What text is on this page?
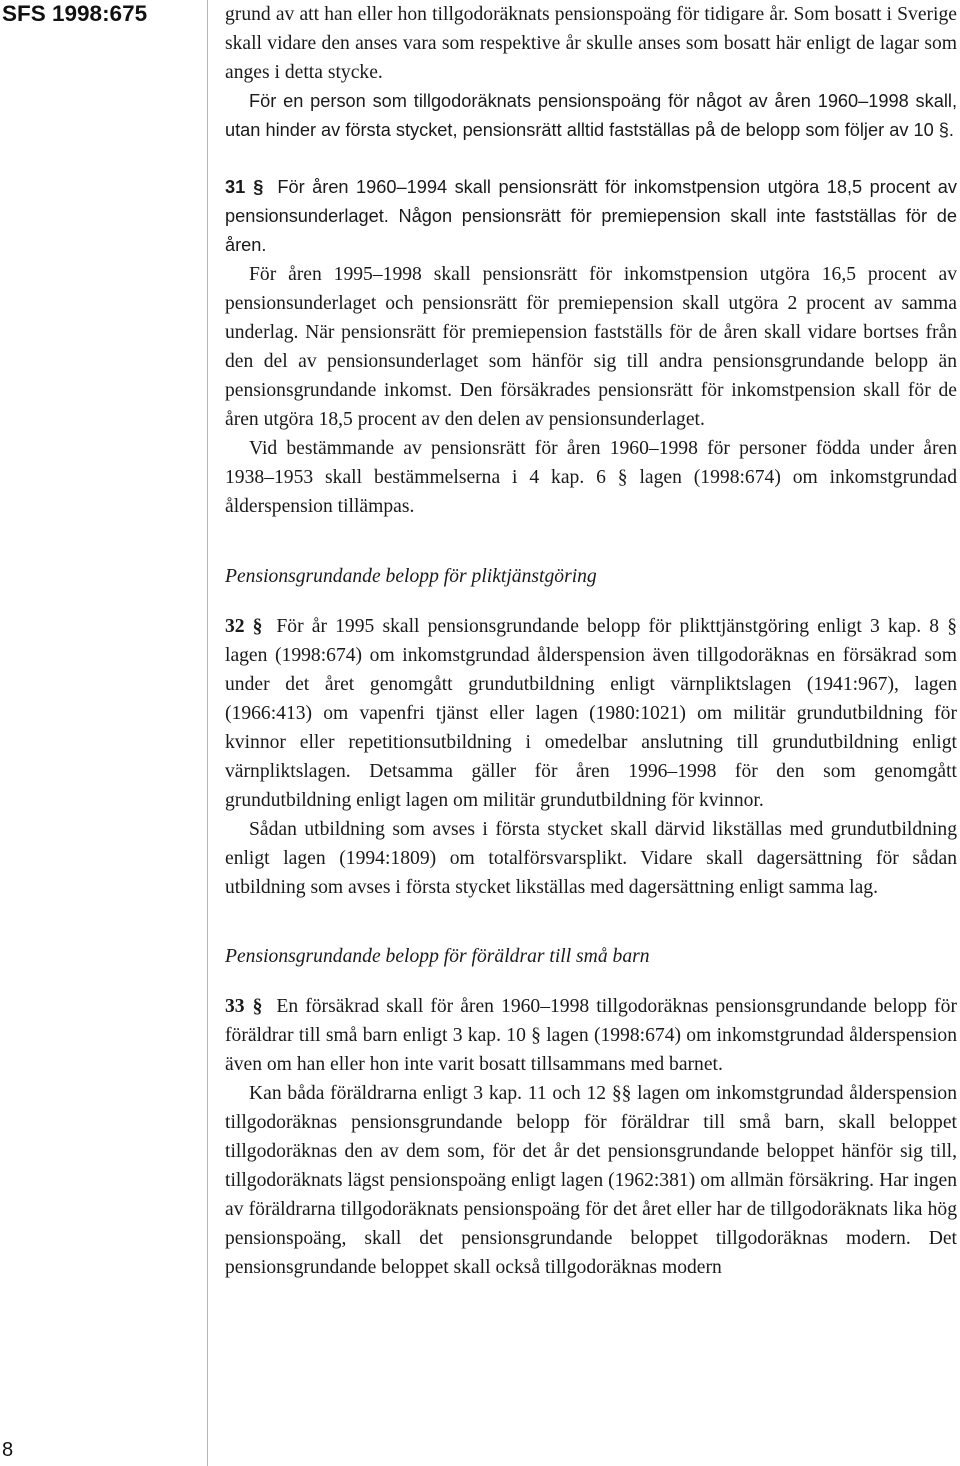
SFS 1998:675
8

grund av att han eller hon tillgodoräknats pensionspoäng för tidigare år. Som bosatt i Sverige skall vidare den anses vara som respektive år skulle anses som bosatt här enligt de lagar som anges i detta stycke.

För en person som tillgodoräknats pensionspoäng för något av åren 1960–1998 skall, utan hinder av första stycket, pensionsrätt alltid fastställas på de belopp som följer av 10 §.

31 § För åren 1960–1994 skall pensionsrätt för inkomstpension utgöra 18,5 procent av pensionsunderlaget. Någon pensionsrätt för premiepension skall inte fastställas för de åren.

För åren 1995–1998 skall pensionsrätt för inkomstpension utgöra 16,5 procent av pensionsunderlaget och pensionsrätt för premiepension skall utgöra 2 procent av samma underlag. När pensionsrätt för premiepension fastställs för de åren skall vidare bortses från den del av pensionsunderlaget som hänför sig till andra pensionsgrundande belopp än pensionsgrundande inkomst. Den försäkrades pensionsrätt för inkomstpension skall för de åren utgöra 18,5 procent av den delen av pensionsunderlaget.

Vid bestämmande av pensionsrätt för åren 1960–1998 för personer födda under åren 1938–1953 skall bestämmelserna i 4 kap. 6 § lagen (1998:674) om inkomstgrundad ålderspension tillämpas.

Pensionsgrundande belopp för pliktjänstgöring

32 § För år 1995 skall pensionsgrundande belopp för plikttjänstgöring enligt 3 kap. 8 § lagen (1998:674) om inkomstgrundad ålderspension även tillgodoräknas en försäkrad som under det året genomgått grundutbildning enligt värnpliktslagen (1941:967), lagen (1966:413) om vapenfri tjänst eller lagen (1980:1021) om militär grundutbildning för kvinnor eller repetitionsutbildning i omedelbar anslutning till grundutbildning enligt värnpliktslagen. Detsamma gäller för åren 1996–1998 för den som genomgått grundutbildning enligt lagen om militär grundutbildning för kvinnor.

Sådan utbildning som avses i första stycket skall därvid likställas med grundutbildning enligt lagen (1994:1809) om totalförsvarsplikt. Vidare skall dagersättning för sådan utbildning som avses i första stycket likställas med dagersättning enligt samma lag.

Pensionsgrundande belopp för föräldrar till små barn

33 § En försäkrad skall för åren 1960–1998 tillgodoräknas pensionsgrundande belopp för föräldrar till små barn enligt 3 kap. 10 § lagen (1998:674) om inkomstgrundad ålderspension även om han eller hon inte varit bosatt tillsammans med barnet.

Kan båda föräldrarna enligt 3 kap. 11 och 12 §§ lagen om inkomstgrundad ålderspension tillgodoräknas pensionsgrundande belopp för föräldrar till små barn, skall beloppet tillgodoräknas den av dem som, för det år det pensionsgrundande beloppet hänför sig till, tillgodoräknats lägst pensionspoäng enligt lagen (1962:381) om allmän försäkring. Har ingen av föräldrarna tillgodoräknats pensionspoäng för det året eller har de tillgodoräknats lika hög pensionspoäng, skall det pensionsgrundande beloppet tillgodoräknas modern. Det pensionsgrundande beloppet skall också tillgodoräknas modern
